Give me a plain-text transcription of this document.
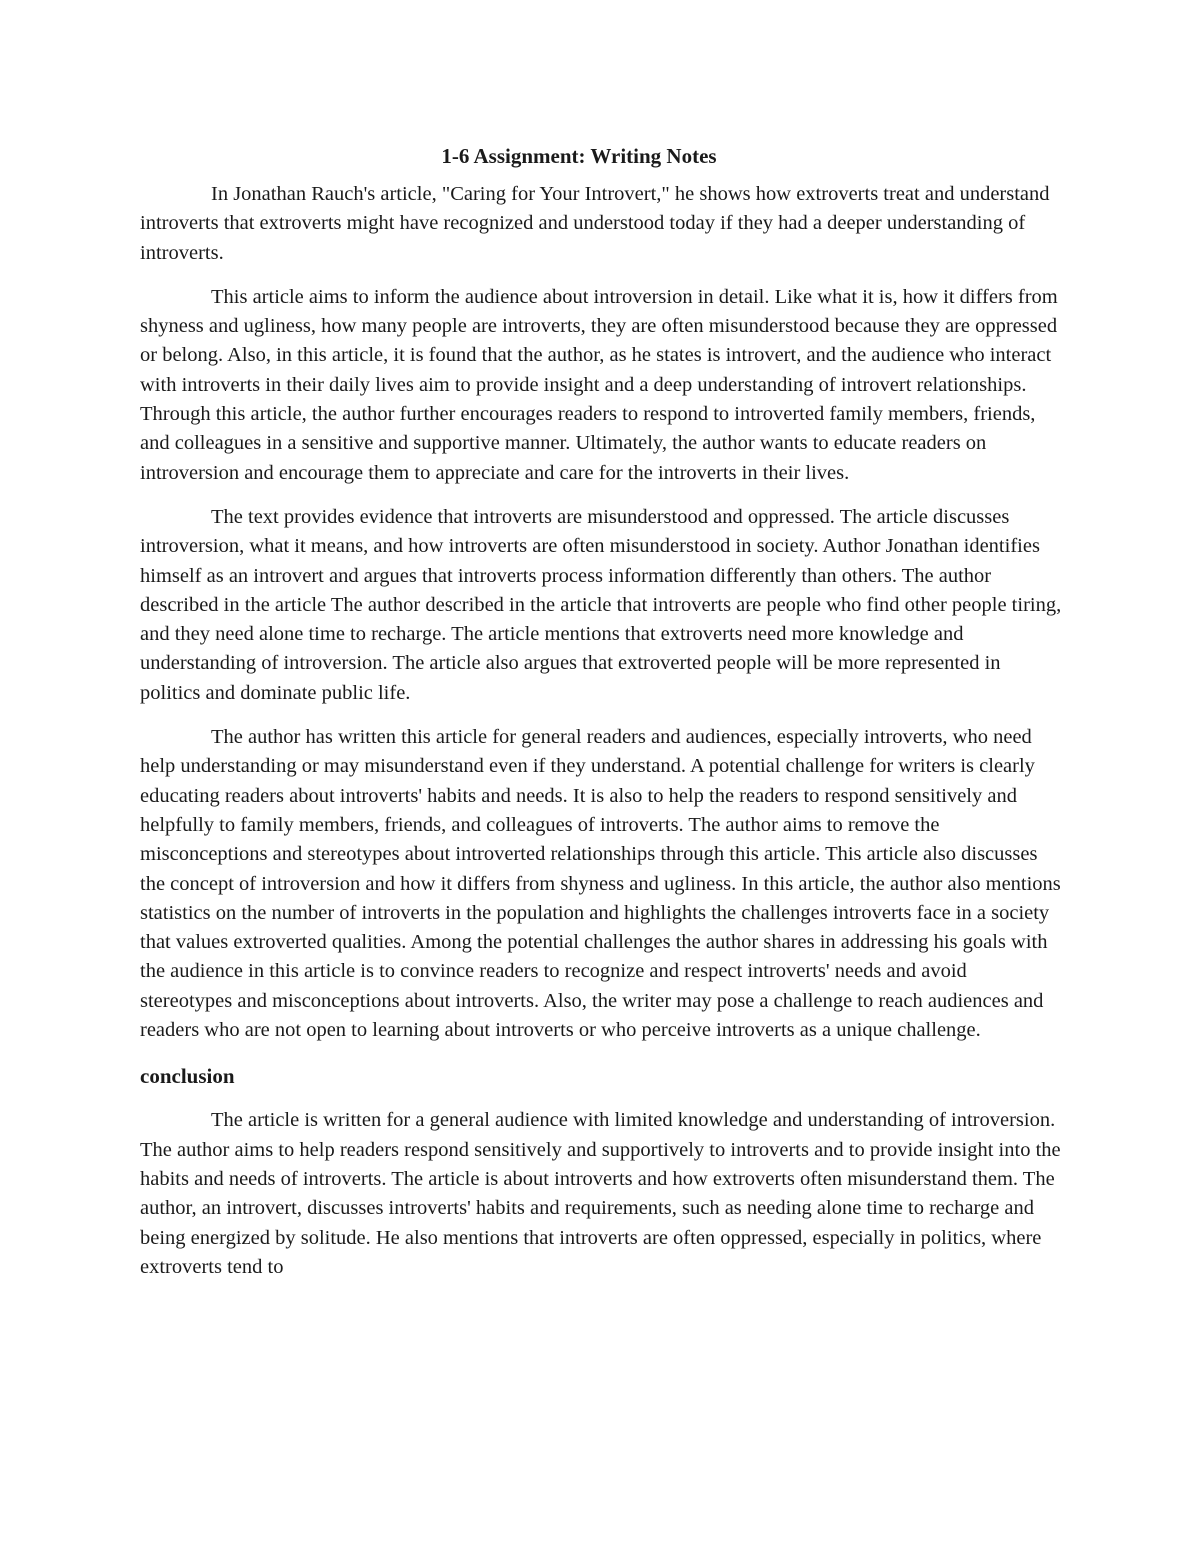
1-6 Assignment: Writing Notes

In Jonathan Rauch's article, "Caring for Your Introvert," he shows how extroverts treat and understand introverts that extroverts might have recognized and understood today if they had a deeper understanding of introverts.

This article aims to inform the audience about introversion in detail. Like what it is, how it differs from shyness and ugliness, how many people are introverts, they are often misunderstood because they are oppressed or belong. Also, in this article, it is found that the author, as he states is introvert, and the audience who interact with introverts in their daily lives aim to provide insight and a deep understanding of introvert relationships. Through this article, the author further encourages readers to respond to introverted family members, friends, and colleagues in a sensitive and supportive manner. Ultimately, the author wants to educate readers on introversion and encourage them to appreciate and care for the introverts in their lives.

The text provides evidence that introverts are misunderstood and oppressed. The article discusses introversion, what it means, and how introverts are often misunderstood in society. Author Jonathan identifies himself as an introvert and argues that introverts process information differently than others. The author described in the article The author described in the article that introverts are people who find other people tiring, and they need alone time to recharge. The article mentions that extroverts need more knowledge and understanding of introversion. The article also argues that extroverted people will be more represented in politics and dominate public life.

The author has written this article for general readers and audiences, especially introverts, who need help understanding or may misunderstand even if they understand. A potential challenge for writers is clearly educating readers about introverts' habits and needs. It is also to help the readers to respond sensitively and helpfully to family members, friends, and colleagues of introverts. The author aims to remove the misconceptions and stereotypes about introverted relationships through this article. This article also discusses the concept of introversion and how it differs from shyness and ugliness. In this article, the author also mentions statistics on the number of introverts in the population and highlights the challenges introverts face in a society that values extroverted qualities. Among the potential challenges the author shares in addressing his goals with the audience in this article is to convince readers to recognize and respect introverts' needs and avoid stereotypes and misconceptions about introverts. Also, the writer may pose a challenge to reach audiences and readers who are not open to learning about introverts or who perceive introverts as a unique challenge.

conclusion

The article is written for a general audience with limited knowledge and understanding of introversion. The author aims to help readers respond sensitively and supportively to introverts and to provide insight into the habits and needs of introverts. The article is about introverts and how extroverts often misunderstand them. The author, an introvert, discusses introverts' habits and requirements, such as needing alone time to recharge and being energized by solitude. He also mentions that introverts are often oppressed, especially in politics, where extroverts tend to
